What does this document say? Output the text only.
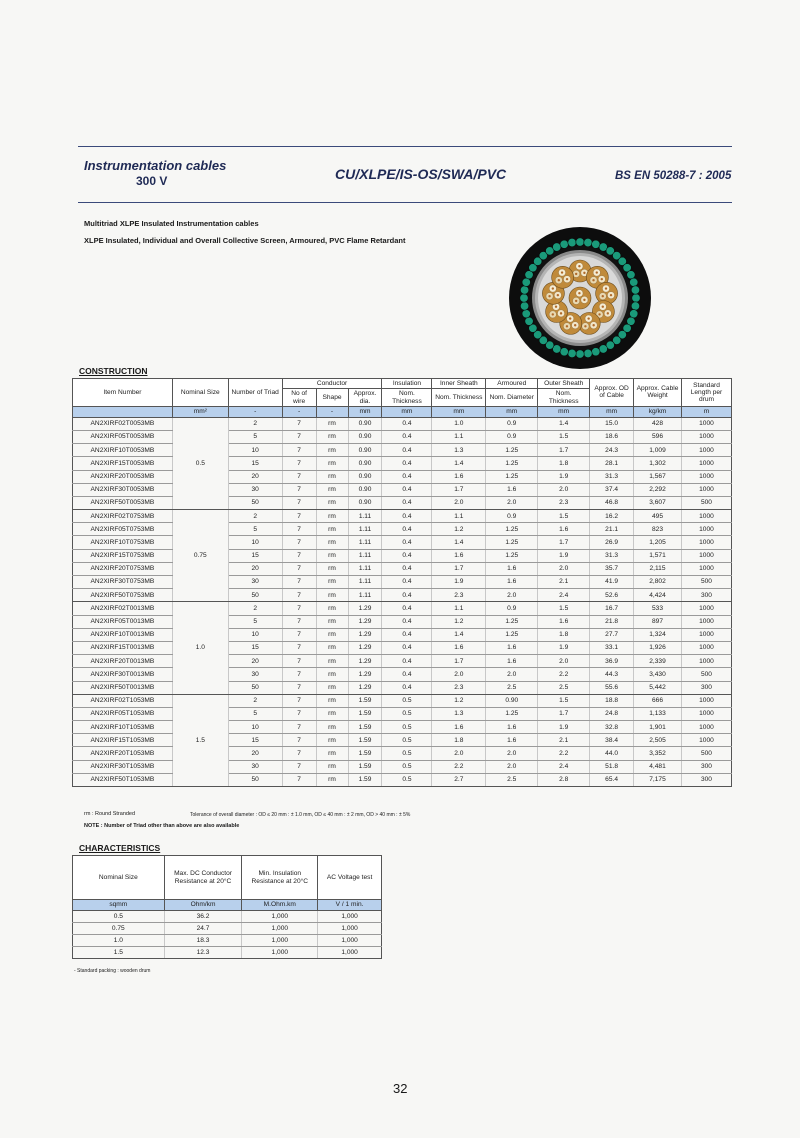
Instrumentation cables
300 V	CU/XLPE/IS-OS/SWA/PVC	BS EN 50288-7 : 2005
Multitriad XLPE Insulated Instrumentation cables
XLPE Insulated, Individual and Overall Collective Screen, Armoured, PVC Flame Retardant
CONSTRUCTION
Item Number	Nominal Size	Number of Triad	Conductor			Insulation	Inner Sheath	Armoured	Outer Sheath	Approx. OD of Cable	Approx. Cable Weight	Standard Length per drum
			No of wire	Shape	Approx. dia.	Nom. Thickness	Nom. Thickness	Nom. Diameter	Nom. Thickness			

	mm²	-	-	-	mm	mm	mm	mm	mm	mm	kg/km	m
AN2XIRF02T0053MB	0.5	2	7	rm	0.90	0.4	1.0	0.9	1.4	15.0	428	1000
AN2XIRF05T0053MB		5	7	rm	0.90	0.4	1.1	0.9	1.5	18.6	596	1000
AN2XIRF10T0053MB		10	7	rm	0.90	0.4	1.3	1.25	1.7	24.3	1,009	1000
AN2XIRF15T0053MB		15	7	rm	0.90	0.4	1.4	1.25	1.8	28.1	1,302	1000
AN2XIRF20T0053MB		20	7	rm	0.90	0.4	1.6	1.25	1.9	31.3	1,567	1000
AN2XIRF30T0053MB		30	7	rm	0.90	0.4	1.7	1.6	2.0	37.4	2,292	1000
AN2XIRF50T0053MB		50	7	rm	0.90	0.4	2.0	2.0	2.3	46.8	3,607	500
AN2XIRF02T0753MB	0.75	2	7	rm	1.11	0.4	1.1	0.9	1.5	16.2	495	1000
AN2XIRF05T0753MB		5	7	rm	1.11	0.4	1.2	1.25	1.6	21.1	823	1000
AN2XIRF10T0753MB		10	7	rm	1.11	0.4	1.4	1.25	1.7	26.9	1,205	1000
AN2XIRF15T0753MB		15	7	rm	1.11	0.4	1.6	1.25	1.9	31.3	1,571	1000
AN2XIRF20T0753MB		20	7	rm	1.11	0.4	1.7	1.6	2.0	35.7	2,115	1000
AN2XIRF30T0753MB		30	7	rm	1.11	0.4	1.9	1.6	2.1	41.9	2,802	500
AN2XIRF50T0753MB		50	7	rm	1.11	0.4	2.3	2.0	2.4	52.6	4,424	300
AN2XIRF02T0013MB	1.0	2	7	rm	1.29	0.4	1.1	0.9	1.5	16.7	533	1000
AN2XIRF05T0013MB		5	7	rm	1.29	0.4	1.2	1.25	1.6	21.8	897	1000
AN2XIRF10T0013MB		10	7	rm	1.29	0.4	1.4	1.25	1.8	27.7	1,324	1000
AN2XIRF15T0013MB		15	7	rm	1.29	0.4	1.6	1.6	1.9	33.1	1,926	1000
AN2XIRF20T0013MB		20	7	rm	1.29	0.4	1.7	1.6	2.0	36.9	2,339	1000
AN2XIRF30T0013MB		30	7	rm	1.29	0.4	2.0	2.0	2.2	44.3	3,430	500
AN2XIRF50T0013MB		50	7	rm	1.29	0.4	2.3	2.5	2.5	55.6	5,442	300
AN2XIRF02T1053MB	1.5	2	7	rm	1.59	0.5	1.2	0.90	1.5	18.8	666	1000
AN2XIRF05T1053MB		5	7	rm	1.59	0.5	1.3	1.25	1.7	24.8	1,133	1000
AN2XIRF10T1053MB		10	7	rm	1.59	0.5	1.6	1.6	1.9	32.8	1,901	1000
AN2XIRF15T1053MB		15	7	rm	1.59	0.5	1.8	1.6	2.1	38.4	2,505	1000
AN2XIRF20T1053MB		20	7	rm	1.59	0.5	2.0	2.0	2.2	44.0	3,352	500
AN2XIRF30T1053MB		30	7	rm	1.59	0.5	2.2	2.0	2.4	51.8	4,481	300
AN2XIRF50T1053MB		50	7	rm	1.59	0.5	2.7	2.5	2.8	65.4	7,175	300
rm : Round Stranded	Tolerance of overall diameter : OD ≤ 20 mm : ± 1.0 mm, OD ≤ 40 mm : ± 2 mm, OD > 40 mm : ± 5%
NOTE : Number of Triad other than above are also available
CHARACTERISTICS
Nominal Size	Max. DC Conductor Resistance at 20°C	Min. Insulation Resistance at 20°C	AC Voltage test
sqmm	Ohm/km	M.Ohm.km	V / 1 min.
0.5	36.2	1,000	1,000
0.75	24.7	1,000	1,000
1.0	18.3	1,000	1,000
1.5	12.3	1,000	1,000
- Standard packing : wooden drum
32
